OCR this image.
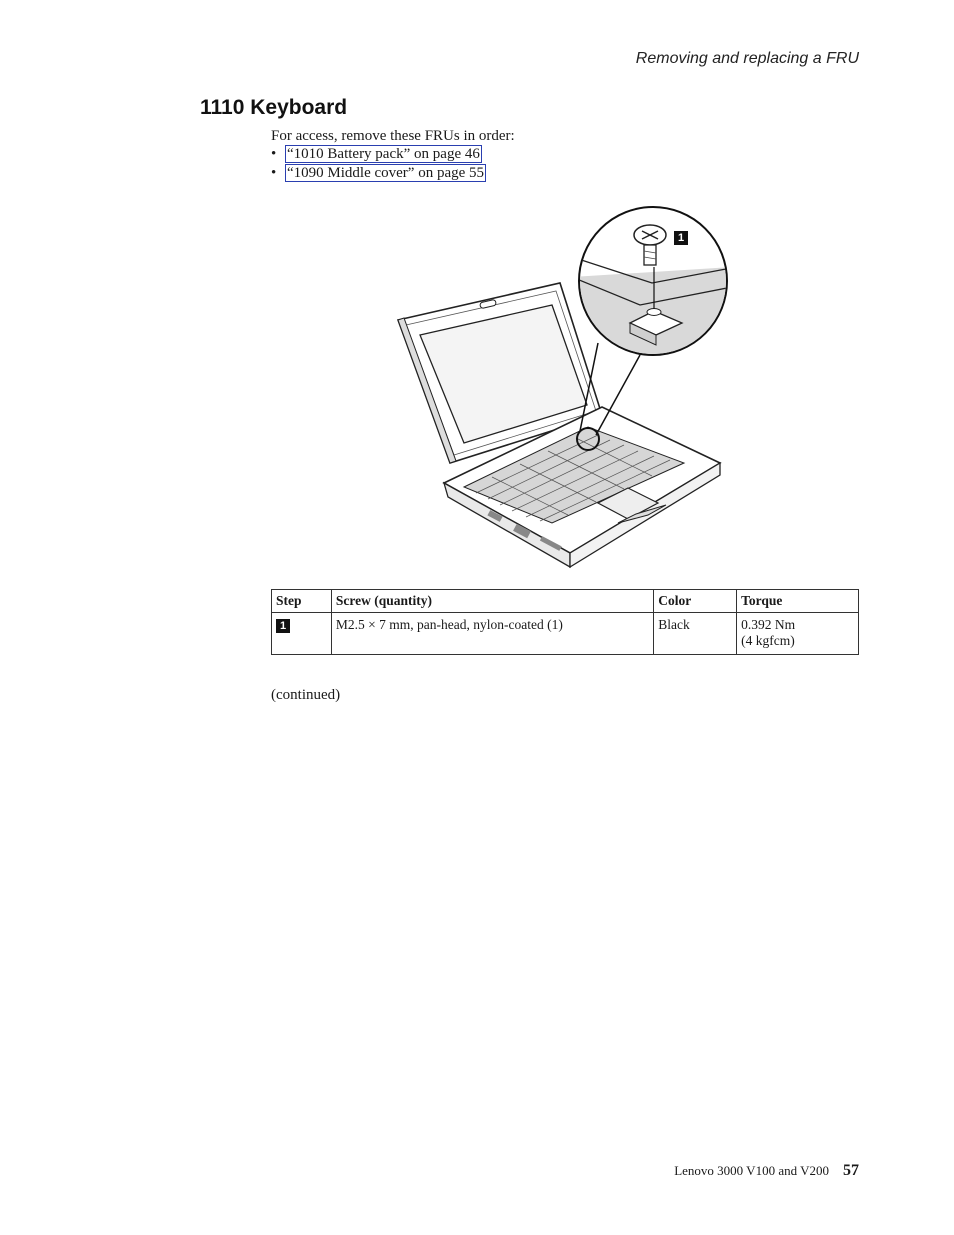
Removing and replacing a FRU
1110 Keyboard
For access, remove these FRUs in order:
• “1010 Battery pack” on page 46
• “1090 Middle cover” on page 55
1
Step	Screw (quantity)	Color	Torque
1	M2.5 × 7 mm, pan-head, nylon-coated (1)	Black	0.392 Nm
(4 kgfcm)
(continued)
Lenovo 3000 V100 and V200 57
